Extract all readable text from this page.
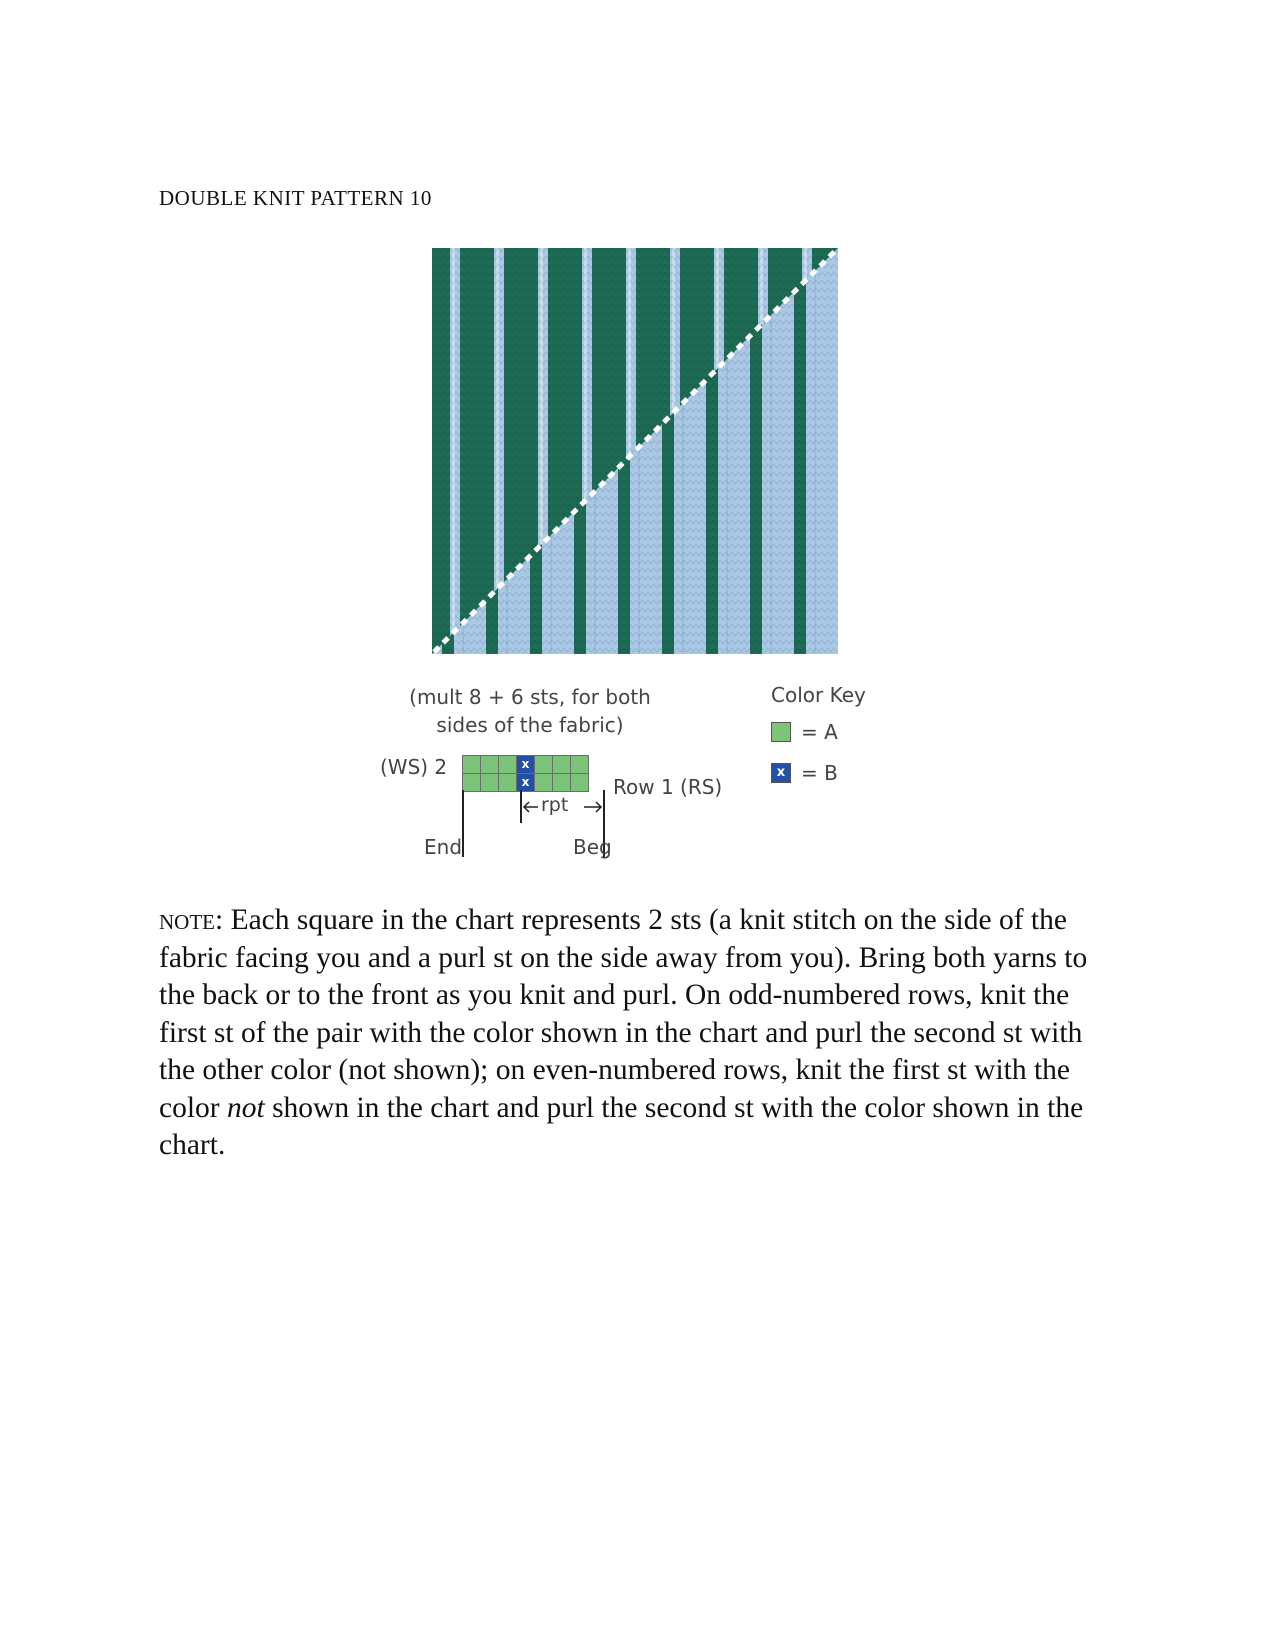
DOUBLE KNIT PATTERN 10
(mult 8 + 6 sts, for both
sides of the fabric)
(WS) 2	x
x	Row 1 (RS)
rpt
End	Beg
Color Key
= A
x = B

note: Each square in the chart represents 2 sts (a knit stitch on the side of the fabric facing you and a purl st on the side away from you). Bring both yarns to the back or to the front as you knit and purl. On odd-numbered rows, knit the first st of the pair with the color shown in the chart and purl the second st with the other color (not shown); on even-numbered rows, knit the first st with the color not shown in the chart and purl the second st with the color shown in the chart.
